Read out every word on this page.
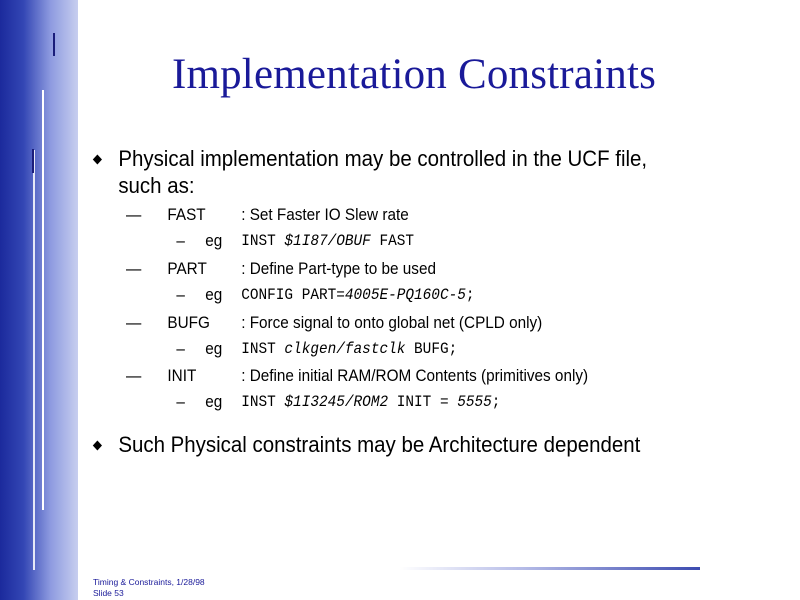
Implementation Constraints
Physical implementation may be controlled in the UCF file, such as:
— FAST : Set Faster IO Slew rate
– eg INST $1I87/OBUF FAST
— PART : Define Part-type to be used
– eg CONFIG PART=4005E-PQ160C-5;
— BUFG : Force signal to onto global net (CPLD only)
– eg INST clkgen/fastclk BUFG;
— INIT	: Define initial RAM/ROM Contents (primitives only)
– eg INST $1I3245/ROM2 INIT = 5555;
Such Physical constraints may be Architecture dependent
Timing & Constraints, 1/28/98
Slide 53
